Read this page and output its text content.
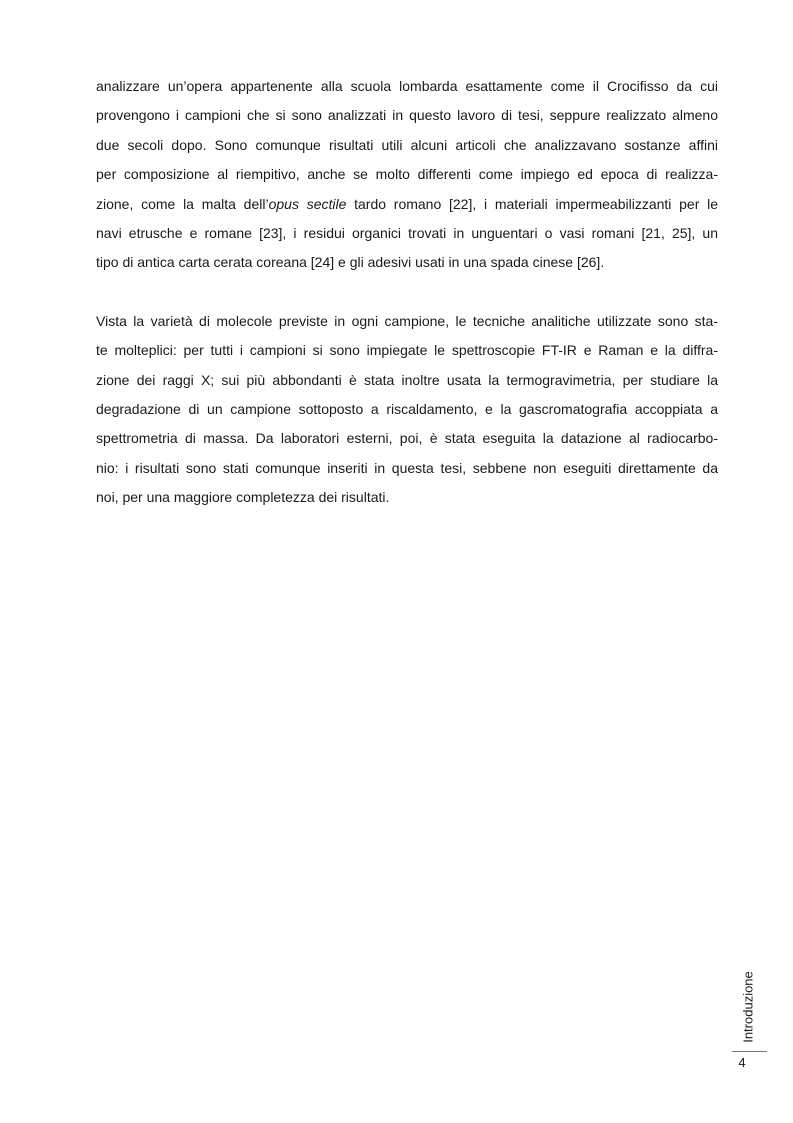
analizzare un’opera appartenente alla scuola lombarda esattamente come il Crocifisso da cui
provengono i campioni che si sono analizzati in questo lavoro di tesi, seppure realizzato almeno
due secoli dopo. Sono comunque risultati utili alcuni articoli che analizzavano sostanze affini
per composizione al riempitivo, anche se molto differenti come impiego ed epoca di realizza-
zione, come la malta dell’opus sectile tardo romano [22], i materiali impermeabilizzanti per le
navi etrusche e romane [23], i residui organici trovati in unguentari o vasi romani [21, 25], un
tipo di antica carta cerata coreana [24] e gli adesivi usati in una spada cinese [26].

Vista la varietà di molecole previste in ogni campione, le tecniche analitiche utilizzate sono sta-
te molteplici: per tutti i campioni si sono impiegate le spettroscopie FT-IR e Raman e la diffra-
zione dei raggi X; sui più abbondanti è stata inoltre usata la termogravimetria, per studiare la
degradazione di un campione sottoposto a riscaldamento, e la gascromatografia accoppiata a
spettrometria di massa. Da laboratori esterni, poi, è stata eseguita la datazione al radiocarbo-
nio: i risultati sono stati comunque inseriti in questa tesi, sebbene non eseguiti direttamente da
noi, per una maggiore completezza dei risultati.

Introduzione
4
